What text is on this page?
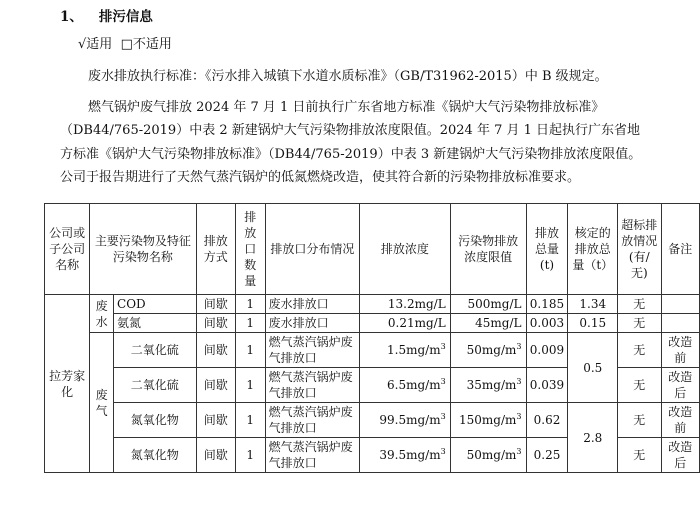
1、 排污信息
√适用 □不适用
废水排放执行标准：《污水排入城镇下水道水质标准》（GB/T31962-2015）中 B 级规定。
燃气锅炉废气排放 2024 年 7 月 1 日前执行广东省地方标准《锅炉大气污染物排放标准》
（DB44/765-2019）中表 2 新建锅炉大气污染物排放浓度限值。2024 年 7 月 1 日起执行广东省地
方标准《锅炉大气污染物排放标准》（DB44/765-2019）中表 3 新建锅炉大气污染物排放浓度限值。
公司于报告期进行了天然气蒸汽锅炉的低氮燃烧改造，使其符合新的污染物排放标准要求。
公司或子公司名称	主要污染物及特征污染物名称		排放方式	排放口数量	排放口分布情况	排放浓度	污染物排放浓度限值	排放总量(t)	核定的排放总量（t）	超标排放情况(有/无)	备注
拉芳家化	废水	COD	间歇	1	废水排放口	13.2mg/L	500mg/L	0.185	1.34	无	
		氨氮	间歇	1	废水排放口	0.21mg/L	45mg/L	0.003	0.15	无	
	废气	二氧化硫	间歇	1	燃气蒸汽锅炉废气排放口	$1.5mg/m^3$	$50mg/m^3$	0.009	0.5	无	改造前
		二氧化硫	间歇	1	燃气蒸汽锅炉废气排放口	$6.5mg/m^3$	$35mg/m^3$	0.039		无	改造后
		氮氧化物	间歇	1	燃气蒸汽锅炉废气排放口	$99.5mg/m^3$	$150mg/m^3$	0.62	2.8	无	改造前
		氮氧化物	间歇	1	燃气蒸汽锅炉废气排放口	$39.5mg/m^3$	$50mg/m^3$	0.25		无	改造后
